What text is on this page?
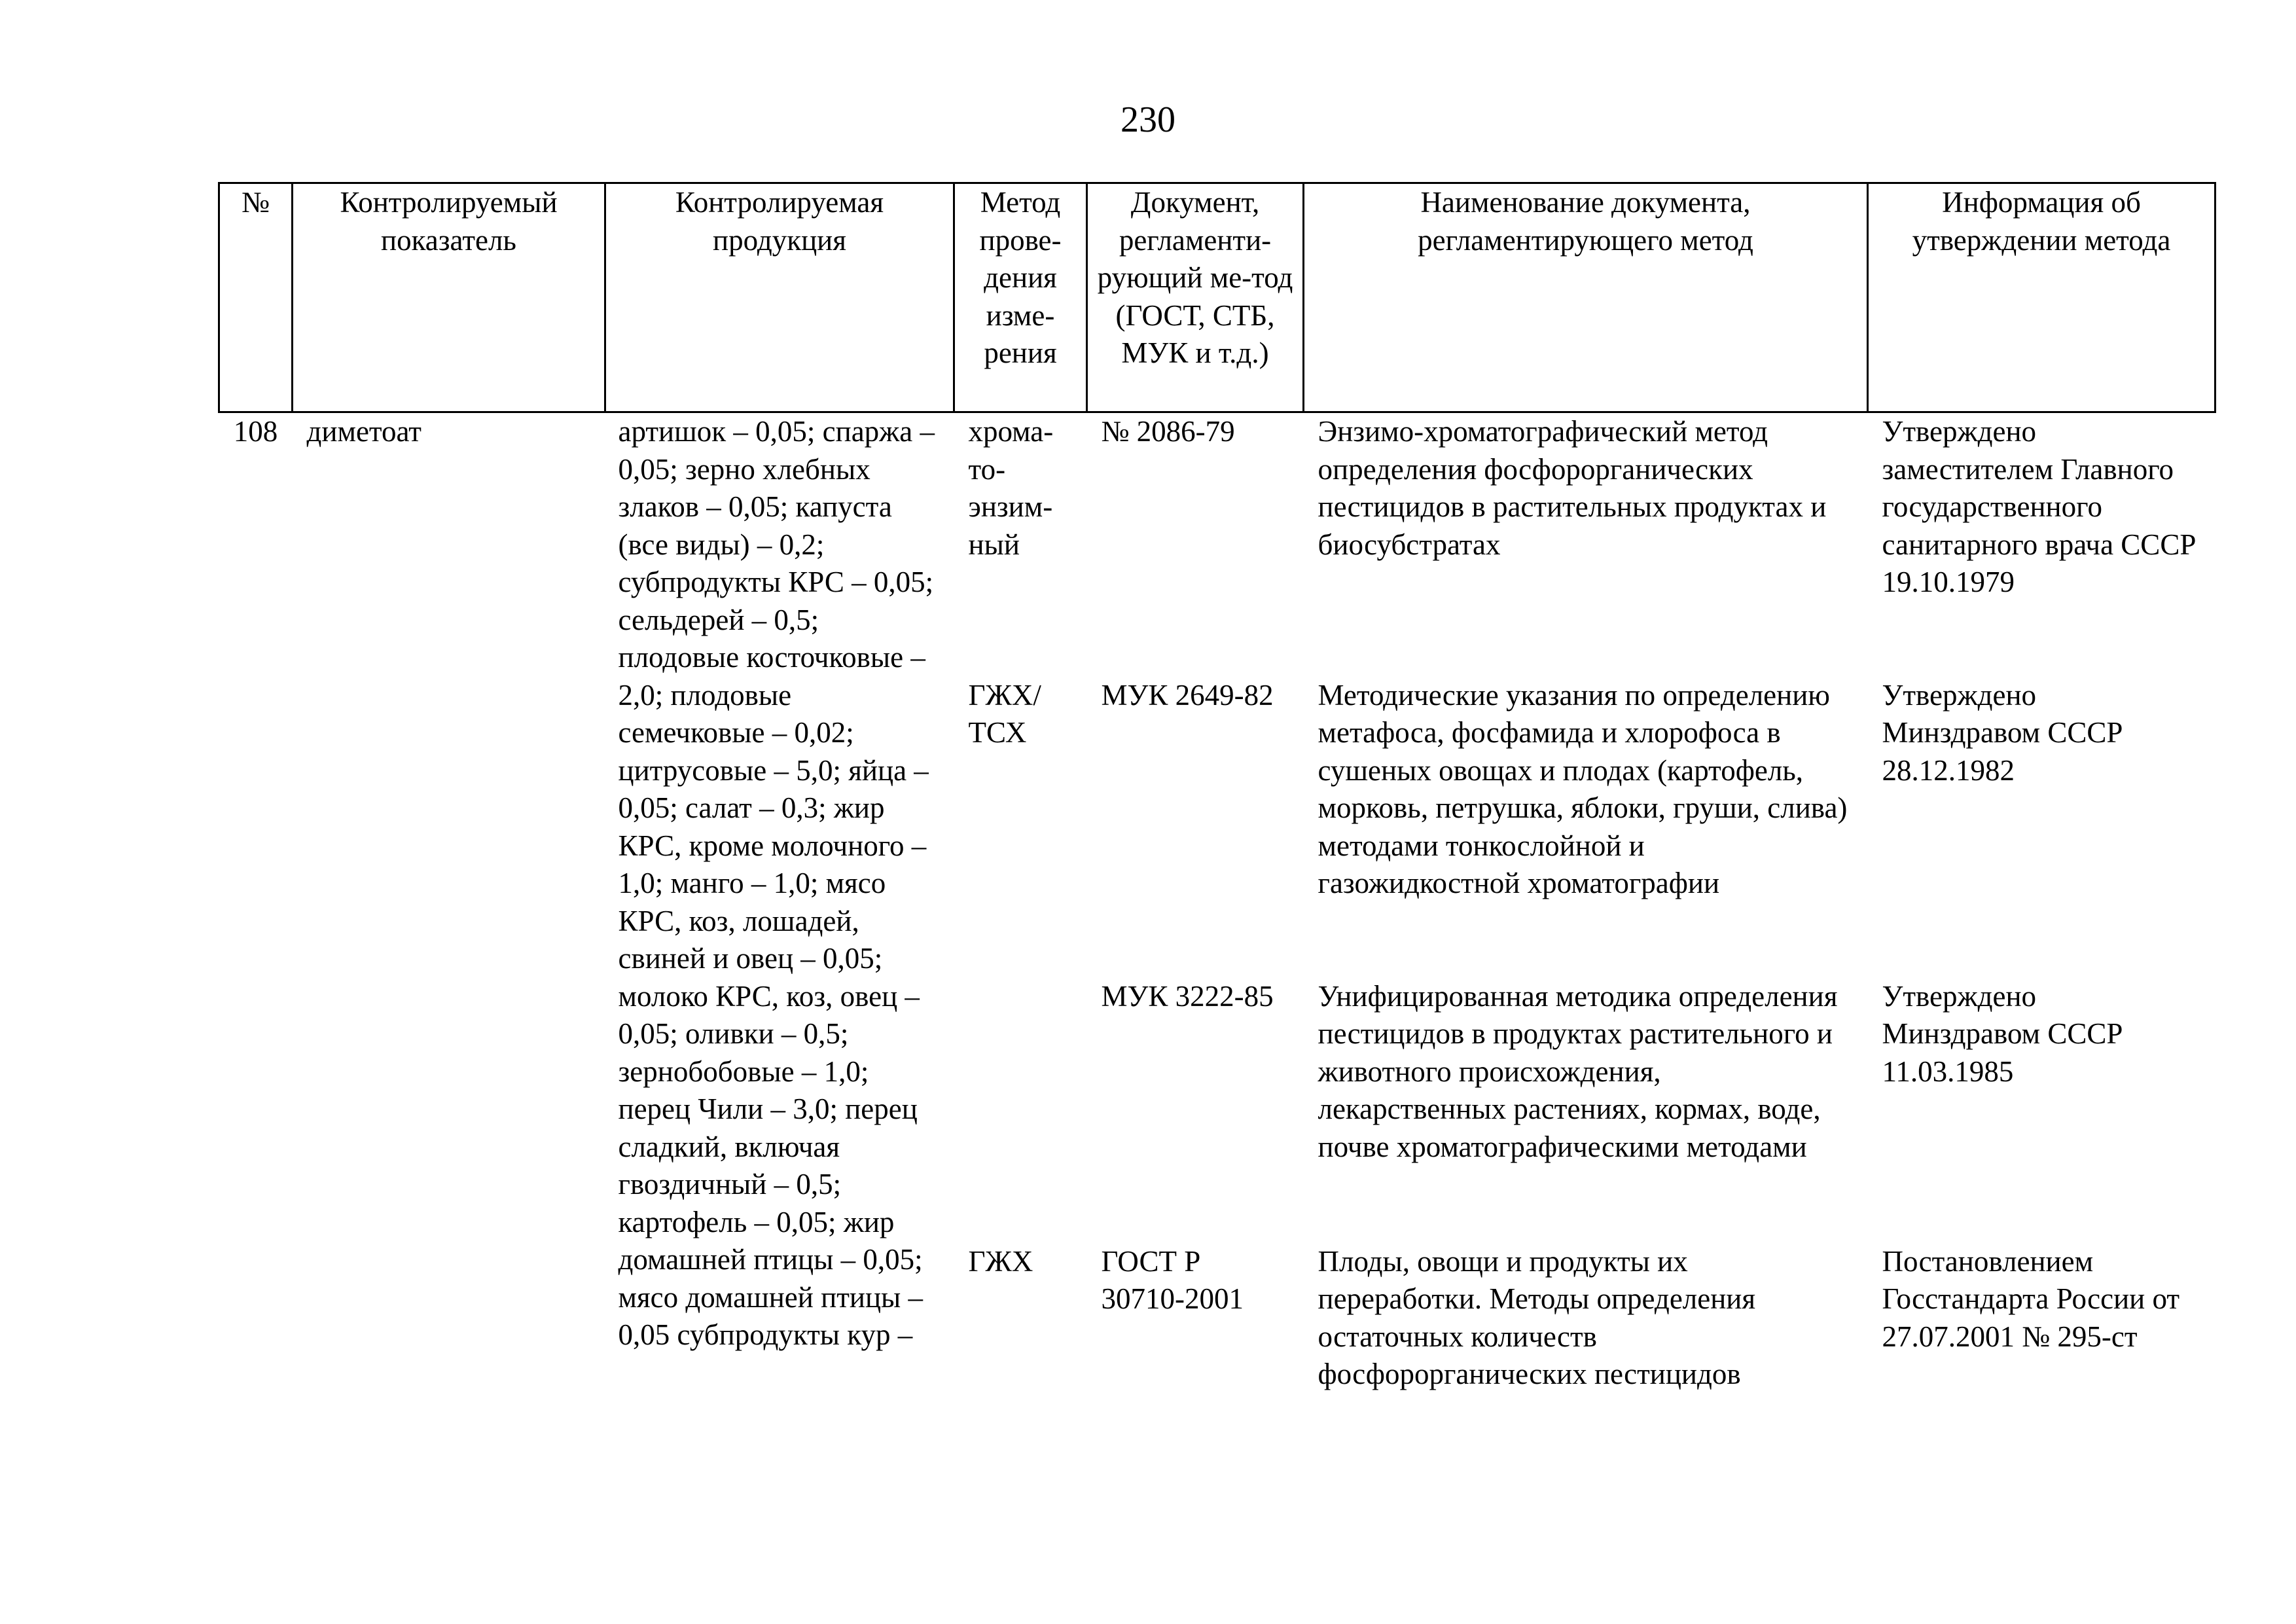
230
№	Контролируемый показатель	Контролируемая продукция	Метод прове-дения изме-рения	Документ, регламенти-рующий ме-тод (ГОСТ, СТБ, МУК и т.д.)	Наименование документа, регламентирующего метод	Информация об утверждении метода
108	диметоат	артишок – 0,05; спаржа – 0,05; зерно хлебных злаков – 0,05; капуста (все виды) – 0,2; субпродукты КРС – 0,05; сельдерей – 0,5; плодовые косточковые – 2,0; плодовые семечковые – 0,02; цитрусовые – 5,0; яйца – 0,05; салат – 0,3; жир КРС, кроме молочного – 1,0; манго – 1,0; мясо КРС, коз, лошадей, свиней и овец – 0,05; молоко КРС, коз, овец – 0,05; оливки – 0,5; зернобобовые – 1,0; перец Чили – 3,0; перец сладкий, включая гвоздичный – 0,5; картофель – 0,05; жир домашней птицы – 0,05; мясо домашней птицы – 0,05 субпродукты кур –	хрома-то-энзим-ный	№ 2086-79	Энзимо-хроматографический метод определения фосфорорганических пестицидов в растительных продуктах и биосубстратах	Утверждено заместителем Главного государственного санитарного врача СССР 19.10.1979
			ГЖХ/ ТСХ	МУК 2649-82	Методические указания по определению метафоса, фосфамида и хлорофоса в сушеных овощах и плодах (картофель, морковь, петрушка, яблоки, груши, слива) методами тонкослойной и газожидкостной хроматографии	Утверждено Минздравом СССР 28.12.1982
				МУК 3222-85	Унифицированная методика определения пестицидов в продуктах растительного и животного происхождения, лекарственных растениях, кормах, воде, почве хроматографическими методами	Утверждено Минздравом СССР 11.03.1985
			ГЖХ	ГОСТ Р 30710-2001	Плоды, овощи и продукты их переработки. Методы определения остаточных количеств фосфорорганических пестицидов	Постановлением Госстандарта России от 27.07.2001 № 295-ст
